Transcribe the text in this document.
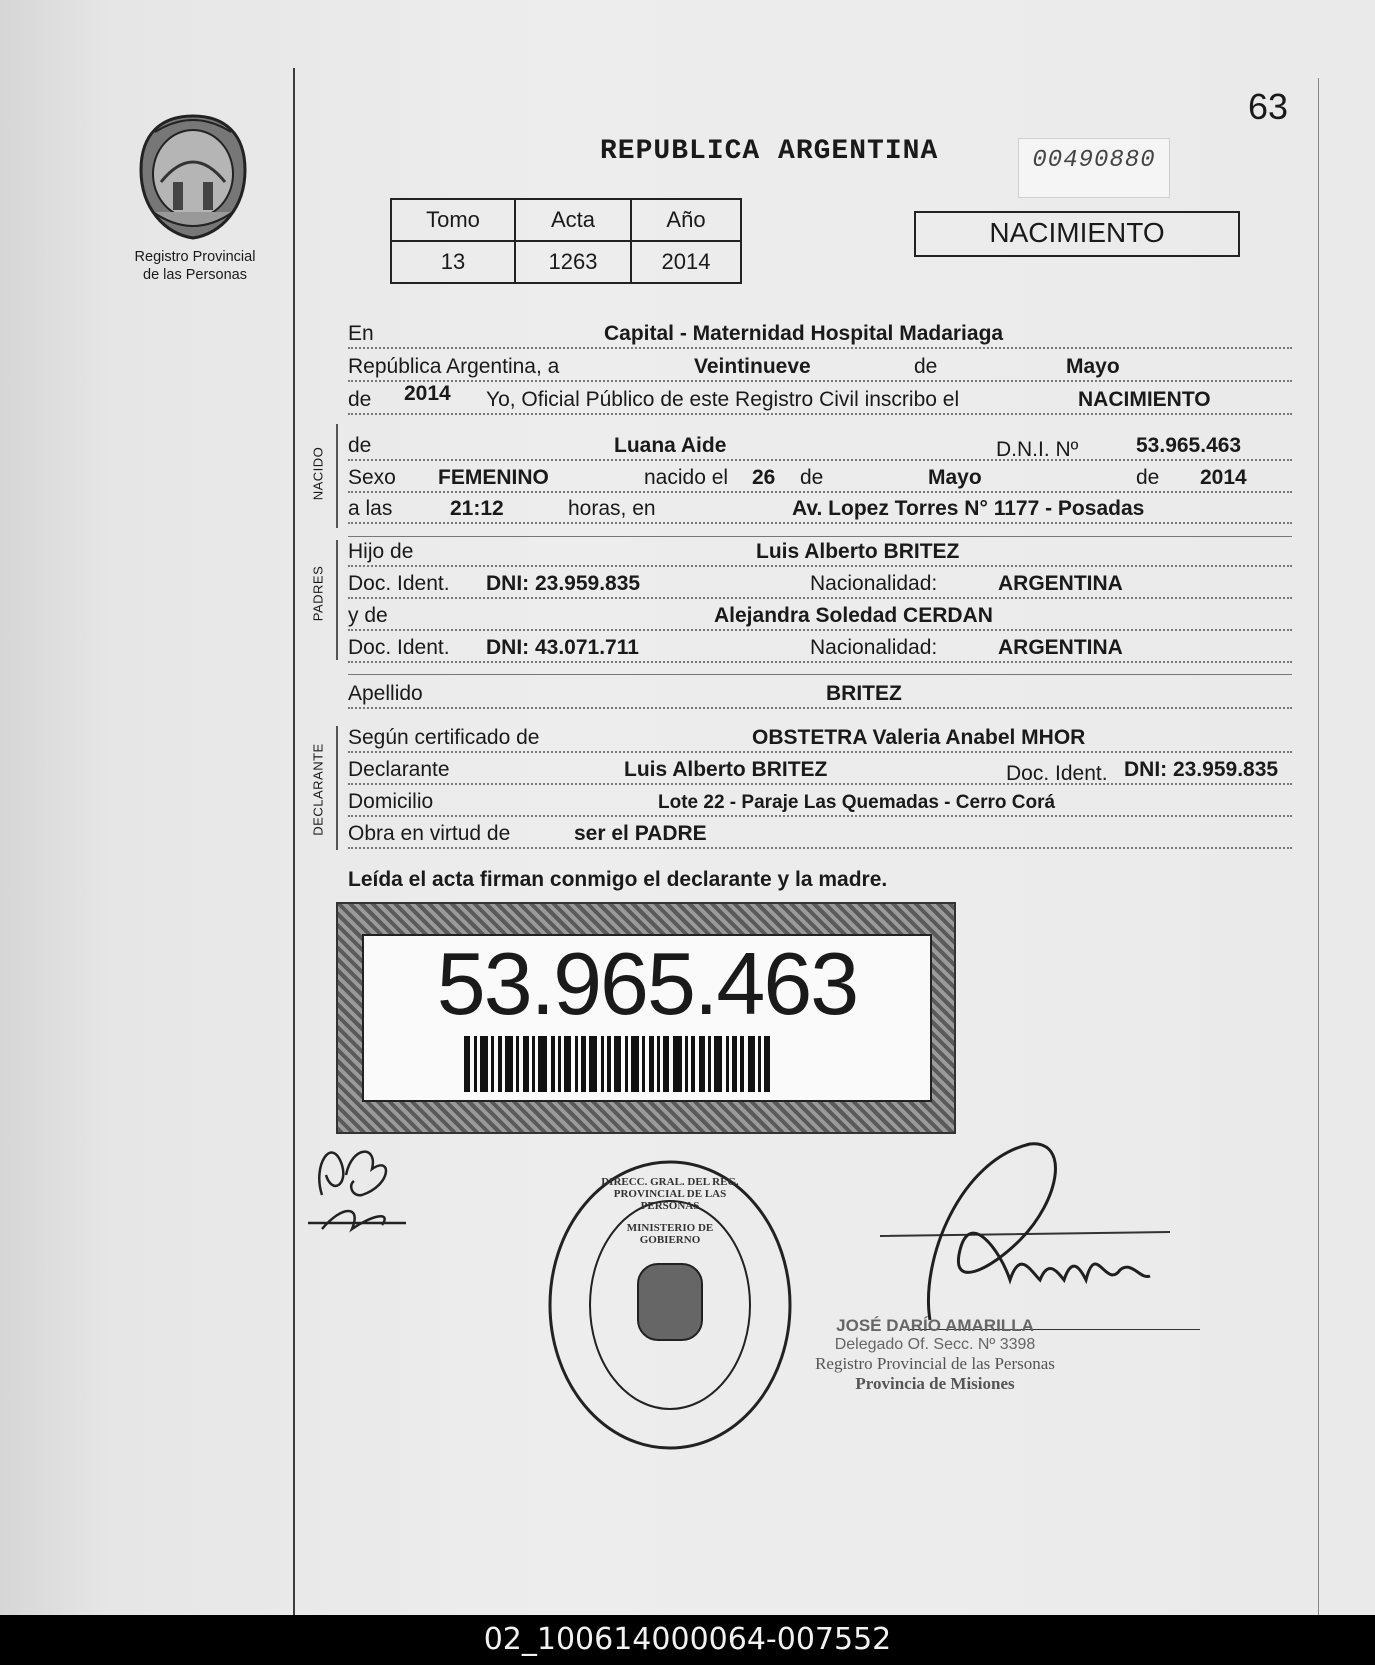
Registro Provincial
de las Personas
63
REPUBLICA ARGENTINA	00490880
Tomo	Acta	Año
13	1263	2014
NACIMIENTO
En	Capital - Maternidad Hospital Madariaga
República Argentina, a	Veintinueve	de	Mayo
de 2014 Yo, Oficial Público de este Registro Civil inscribo el	NACIMIENTO
NACIDO
de	Luana Aide	D.N.I. Nº	53.965.463
Sexo FEMENINO	nacido el 26 de	Mayo	de 2014
a las	21:12	horas, en	Av. Lopez Torres N° 1177 - Posadas
PADRES
Hijo de	Luis Alberto BRITEZ
Doc. Ident. DNI: 23.959.835	Nacionalidad:	ARGENTINA
y de	Alejandra Soledad CERDAN
Doc. Ident. DNI: 43.071.711	Nacionalidad:	ARGENTINA
Apellido	BRITEZ
DECLARANTE
Según certificado de	OBSTETRA Valeria Anabel MHOR
Declarante	Luis Alberto BRITEZ	Doc. Ident. DNI: 23.959.835
Domicilio	Lote 22 - Paraje Las Quemadas - Cerro Corá
Obra en virtud de	ser el PADRE
Leída el acta firman conmigo el declarante y la madre.
53.965.463
DIRECC. GRAL. DEL REG. PROVINCIAL DE LAS PERSONAS
MINISTERIO DE GOBIERNO
JOSÉ DARÍO AMARILLA
Delegado Of. Secc. Nº 3398
Registro Provincial de las Personas
Provincia de Misiones
02_100614000064-007552
